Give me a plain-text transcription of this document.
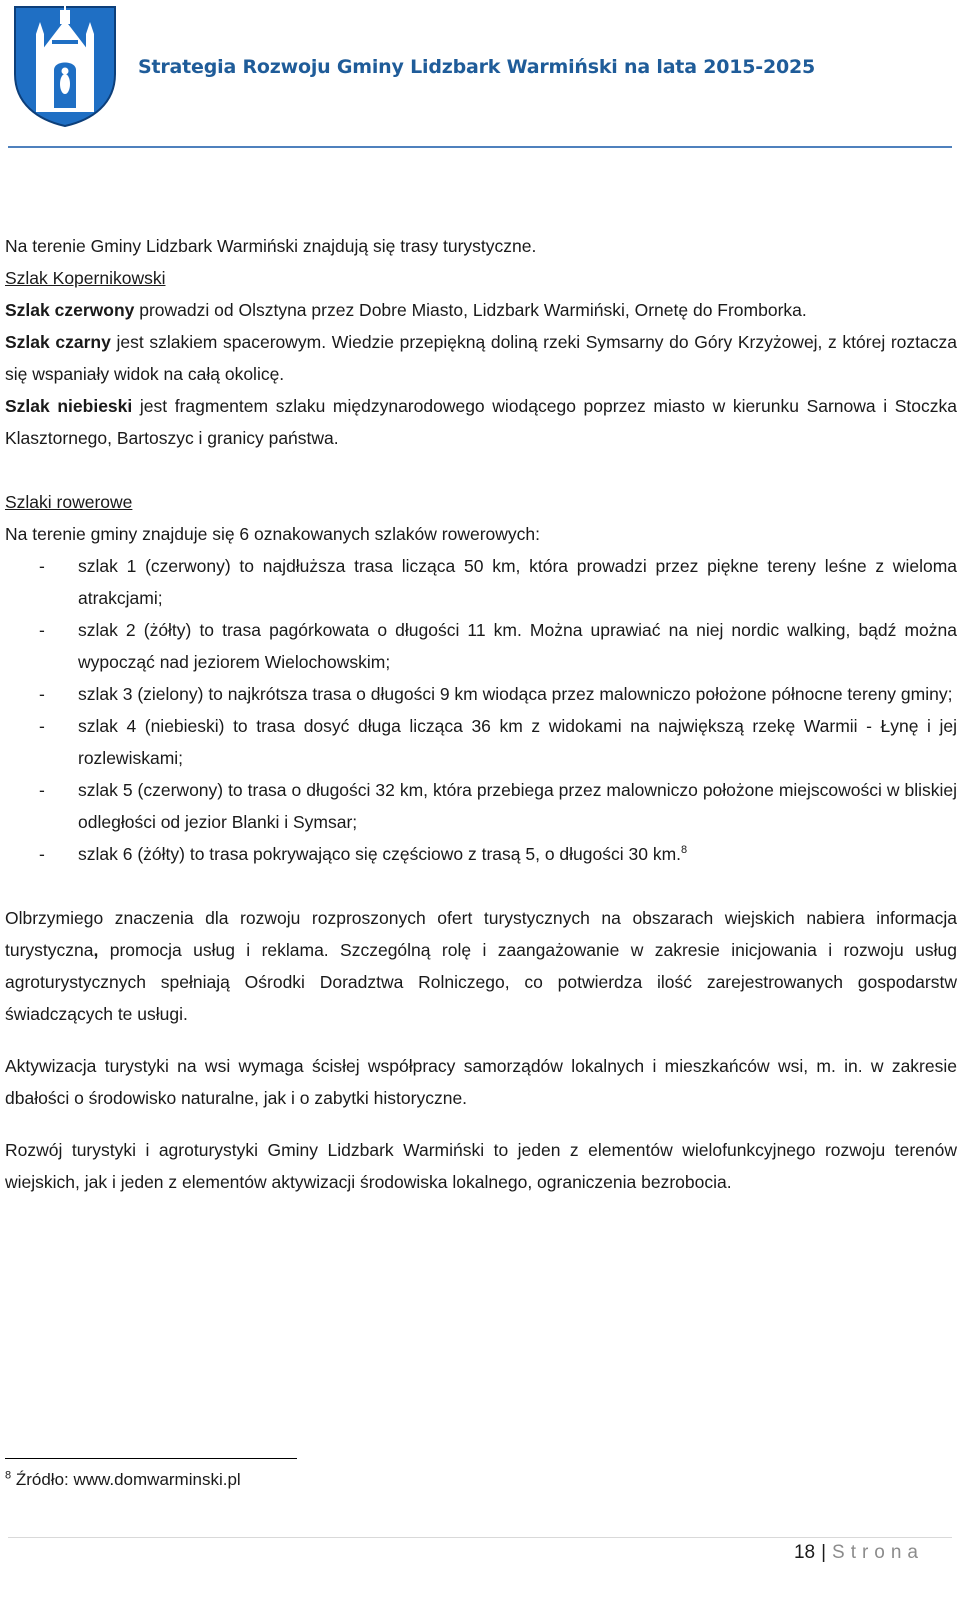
Strategia Rozwoju Gminy Lidzbark Warmiński na lata 2015-2025

Na terenie Gminy Lidzbark Warmiński znajdują się trasy turystyczne.

Szlak Kopernikowski

Szlak czerwony prowadzi od Olsztyna przez Dobre Miasto, Lidzbark Warmiński, Ornetę do Fromborka.

Szlak czarny jest szlakiem spacerowym. Wiedzie przepiękną doliną rzeki Symsarny do Góry Krzyżowej, z której roztacza się wspaniały widok na całą okolicę.

Szlak niebieski jest fragmentem szlaku międzynarodowego wiodącego poprzez miasto w kierunku Sarnowa i Stoczka Klasztornego, Bartoszyc i granicy państwa.

Szlaki rowerowe

Na terenie gminy znajduje się 6 oznakowanych szlaków rowerowych:

- szlak 1 (czerwony) to najdłuższa trasa licząca 50 km, która prowadzi przez piękne tereny leśne z wieloma atrakcjami;
- szlak 2 (żółty) to trasa pagórkowata o długości 11 km. Można uprawiać na niej nordic walking, bądź można wypocząć nad jeziorem Wielochowskim;
- szlak 3 (zielony) to najkrótsza trasa o długości 9 km wiodąca przez malowniczo położone północne tereny gminy;
- szlak 4 (niebieski) to trasa dosyć długa licząca 36 km z widokami na największą rzekę Warmii - Łynę i jej rozlewiskami;
- szlak 5 (czerwony) to trasa o długości 32 km, która przebiega przez malowniczo położone miejscowości w bliskiej odległości od jezior Blanki i Symsar;
- szlak 6 (żółty) to trasa pokrywająco się częściowo z trasą 5, o długości 30 km.$^8$

Olbrzymiego znaczenia dla rozwoju rozproszonych ofert turystycznych na obszarach wiejskich nabiera informacja turystyczna, promocja usług i reklama. Szczególną rolę i zaangażowanie w zakresie inicjowania i rozwoju usług agroturystycznych spełniają Ośrodki Doradztwa Rolniczego, co potwierdza ilość zarejestrowanych gospodarstw świadczących te usługi.

Aktywizacja turystyki na wsi wymaga ścisłej współpracy samorządów lokalnych i mieszkańców wsi, m. in. w zakresie dbałości o środowisko naturalne, jak i o zabytki historyczne.

Rozwój turystyki i agroturystyki Gminy Lidzbark Warmiński to jeden z elementów wielofunkcyjnego rozwoju terenów wiejskich, jak i jeden z elementów aktywizacji środowiska lokalnego, ograniczenia bezrobocia.

$^8$ Źródło: www.domwarminski.pl
18 | Strona
